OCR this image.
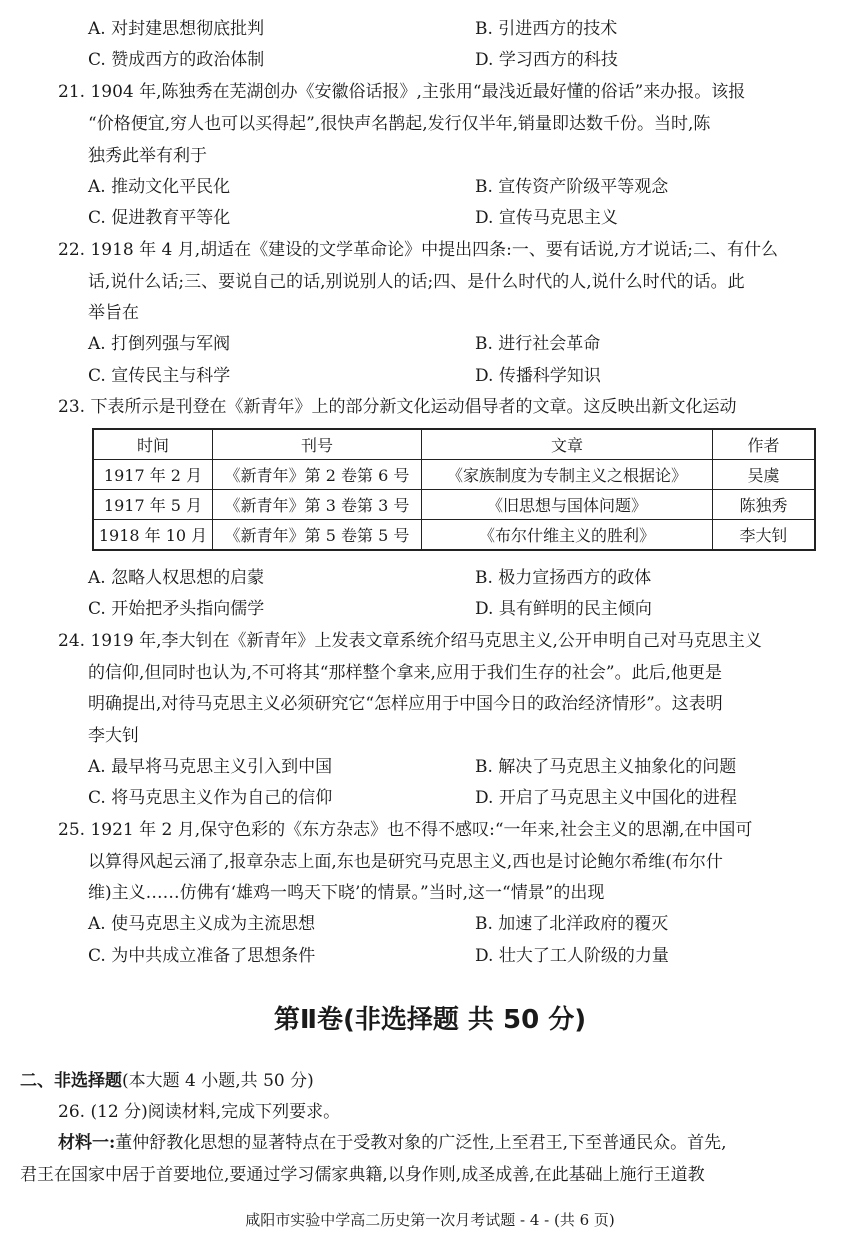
A. 对封建思想彻底批判	B. 引进西方的技术
C. 赞成西方的政治体制	D. 学习西方的科技
21. 1904 年,陈独秀在芜湖创办《安徽俗话报》,主张用“最浅近最好懂的俗话”来办报。该报
“价格便宜,穷人也可以买得起”,很快声名鹊起,发行仅半年,销量即达数千份。当时,陈
独秀此举有利于
A. 推动文化平民化	B. 宣传资产阶级平等观念
C. 促进教育平等化	D. 宣传马克思主义
22. 1918 年 4 月,胡适在《建设的文学革命论》中提出四条:一、要有话说,方才说话;二、有什么
话,说什么话;三、要说自己的话,别说别人的话;四、是什么时代的人,说什么时代的话。此
举旨在
A. 打倒列强与军阀	B. 进行社会革命
C. 宣传民主与科学	D. 传播科学知识
23. 下表所示是刊登在《新青年》上的部分新文化运动倡导者的文章。这反映出新文化运动
时间	刊号	文章	作者
1917 年 2 月	《新青年》第 2 卷第 6 号	《家族制度为专制主义之根据论》	吴虞
1917 年 5 月	《新青年》第 3 卷第 3 号	《旧思想与国体问题》	陈独秀
1918 年 10 月	《新青年》第 5 卷第 5 号	《布尔什维主义的胜利》	李大钊
A. 忽略人权思想的启蒙	B. 极力宣扬西方的政体
C. 开始把矛头指向儒学	D. 具有鲜明的民主倾向
24. 1919 年,李大钊在《新青年》上发表文章系统介绍马克思主义,公开申明自己对马克思主义
的信仰,但同时也认为,不可将其“那样整个拿来,应用于我们生存的社会”。此后,他更是
明确提出,对待马克思主义必须研究它“怎样应用于中国今日的政治经济情形”。这表明
李大钊
A. 最早将马克思主义引入到中国	B. 解决了马克思主义抽象化的问题
C. 将马克思主义作为自己的信仰	D. 开启了马克思主义中国化的进程
25. 1921 年 2 月,保守色彩的《东方杂志》也不得不感叹:“一年来,社会主义的思潮,在中国可
以算得风起云涌了,报章杂志上面,东也是研究马克思主义,西也是讨论鲍尔希维(布尔什
维)主义……仿佛有‘雄鸡一鸣天下晓’的情景。”当时,这一“情景”的出现
A. 使马克思主义成为主流思想	B. 加速了北洋政府的覆灭
C. 为中共成立准备了思想条件	D. 壮大了工人阶级的力量
第Ⅱ卷(非选择题 共 50 分)
二、非选择题(本大题 4 小题,共 50 分)
26. (12 分)阅读材料,完成下列要求。
材料一:董仲舒教化思想的显著特点在于受教对象的广泛性,上至君王,下至普通民众。首先,
君王在国家中居于首要地位,要通过学习儒家典籍,以身作则,成圣成善,在此基础上施行王道教
咸阳市实验中学高二历史第一次月考试题 - 4 - (共 6 页)
